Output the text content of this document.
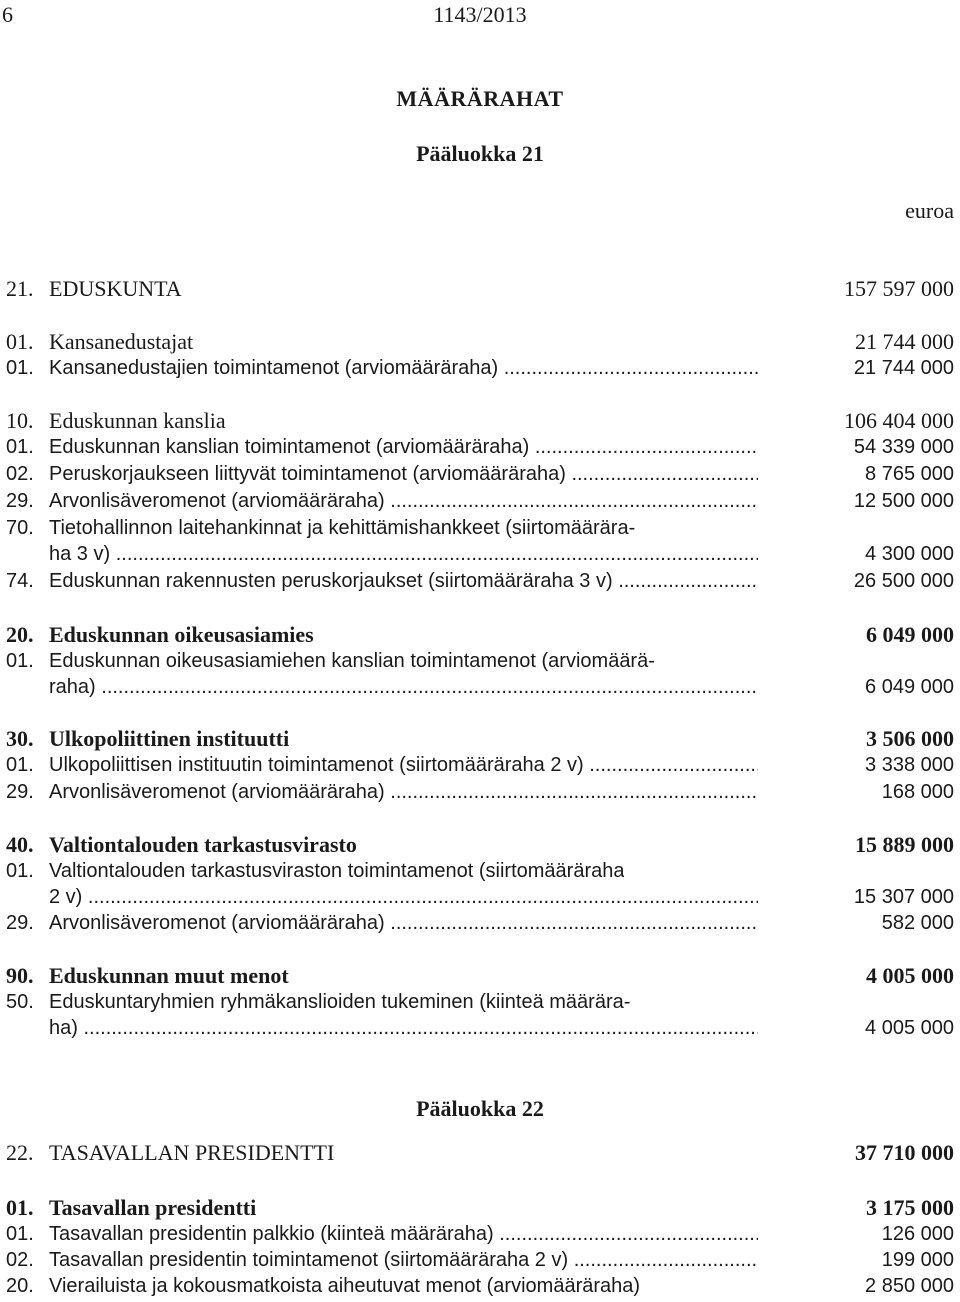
6	1143/2013
MÄÄRÄRAHAT
Pääluokka 21
euroa
21. EDUSKUNTA	157 597 000
01. Kansanedustajat	21 744 000
01. Kansanedustajien toimintamenot (arviomääräraha) .....	21 744 000
10. Eduskunnan kanslia	106 404 000
01. Eduskunnan kanslian toimintamenot (arviomääräraha) .....	54 339 000
02. Peruskorjaukseen liittyvät toimintamenot (arviomääräraha) .....	8 765 000
29. Arvonlisäveromenot (arviomääräraha) .....	12 500 000
70. Tietohallinnon laitehankinnat ja kehittämishankkeet (siirtomäärära-
ha 3 v) .....	4 300 000
74. Eduskunnan rakennusten peruskorjaukset (siirtomääräraha 3 v) .....	26 500 000
20. Eduskunnan oikeusasiamies	6 049 000
01. Eduskunnan oikeusasiamiehen kanslian toimintamenot (arviomäärä-
raha) .....	6 049 000
30. Ulkopoliittinen instituutti	3 506 000
01. Ulkopoliittisen instituutin toimintamenot (siirtomääräraha 2 v) .....	3 338 000
29. Arvonlisäveromenot (arviomääräraha) .....	168 000
40. Valtiontalouden tarkastusvirasto	15 889 000
01. Valtiontalouden tarkastusviraston toimintamenot (siirtomääräraha
2 v) .....	15 307 000
29. Arvonlisäveromenot (arviomääräraha) .....	582 000
90. Eduskunnan muut menot	4 005 000
50. Eduskuntaryhmien ryhmäkanslioiden tukeminen (kiinteä määrära-
ha) .....	4 005 000
Pääluokka 22
22. TASAVALLAN PRESIDENTTI	37 710 000
01. Tasavallan presidentti	3 175 000
01. Tasavallan presidentin palkkio (kiinteä määräraha) .....	126 000
02. Tasavallan presidentin toimintamenot (siirtomääräraha 2 v) .....	199 000
20. Vierailuista ja kokousmatkoista aiheutuvat menot (arviomääräraha)	2 850 000
